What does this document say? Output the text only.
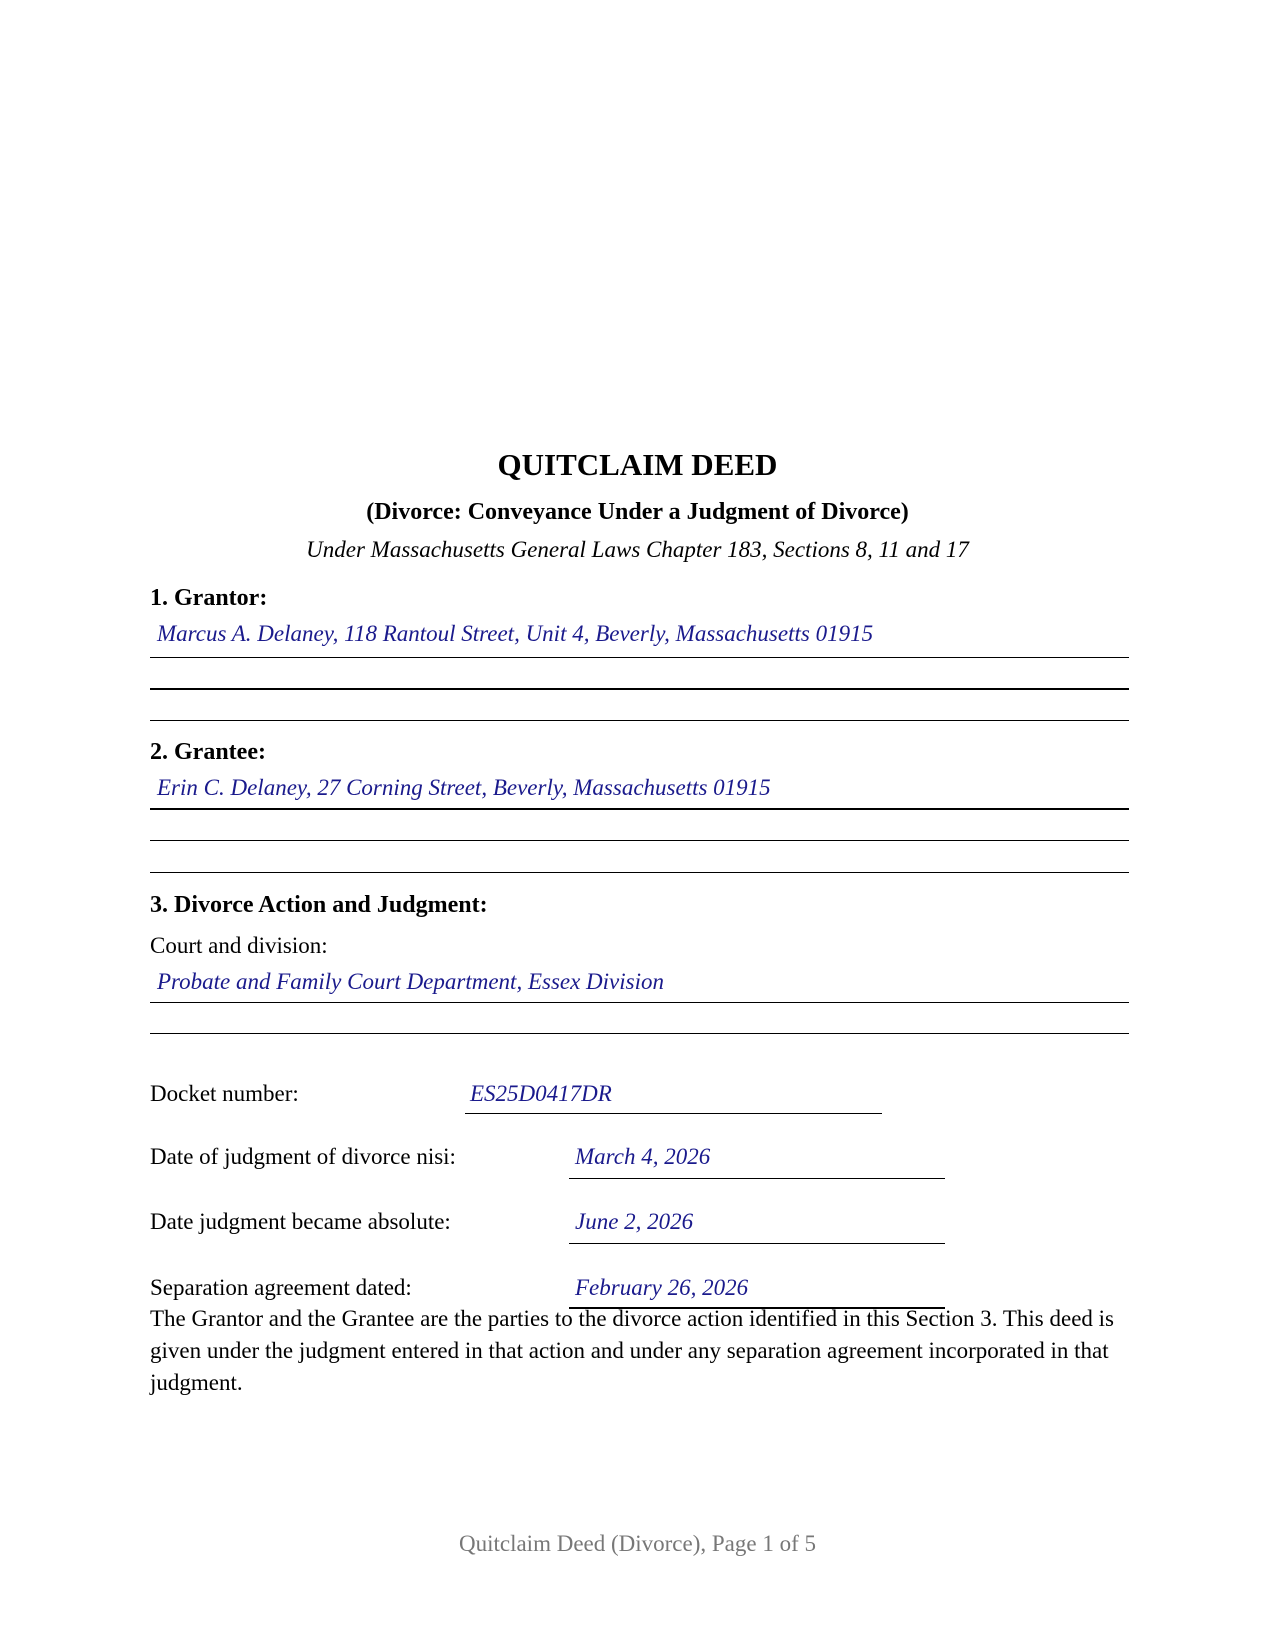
QUITCLAIM DEED
(Divorce: Conveyance Under a Judgment of Divorce)
Under Massachusetts General Laws Chapter 183, Sections 8, 11 and 17
1. Grantor:
Marcus A. Delaney, 118 Rantoul Street, Unit 4, Beverly, Massachusetts 01915
2. Grantee:
Erin C. Delaney, 27 Corning Street, Beverly, Massachusetts 01915
3. Divorce Action and Judgment:
Court and division:
Probate and Family Court Department, Essex Division
Docket number:	ES25D0417DR
Date of judgment of divorce nisi:	March 4, 2026
Date judgment became absolute:	June 2, 2026
Separation agreement dated:	February 26, 2026
The Grantor and the Grantee are the parties to the divorce action identified in this Section 3. This deed is given under the judgment entered in that action and under any separation agreement incorporated in that judgment.
Quitclaim Deed (Divorce), Page 1 of 5
